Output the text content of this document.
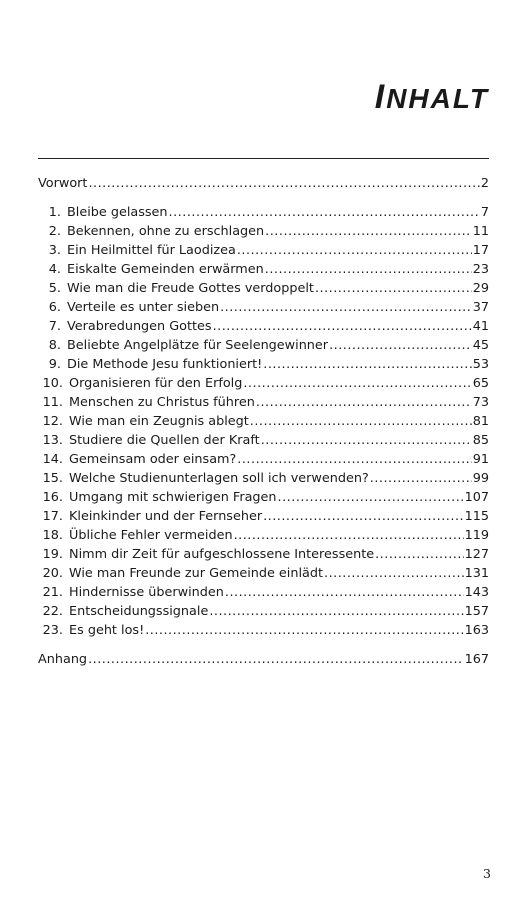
INHALT
Vorwort .....	2
1. Bleibe gelassen .....	7
2. Bekennen, ohne zu erschlagen .....	11
3. Ein Heilmittel für Laodizea .....	17
4. Eiskalte Gemeinden erwärmen .....	23
5. Wie man die Freude Gottes verdoppelt .....	29
6. Verteile es unter sieben .....	37
7. Verabredungen Gottes .....	41
8. Beliebte Angelplätze für Seelengewinner .....	45
9. Die Methode Jesu funktioniert! .....	53
10. Organisieren für den Erfolg .....	65
11. Menschen zu Christus führen .....	73
12. Wie man ein Zeugnis ablegt .....	81
13. Studiere die Quellen der Kraft .....	85
14. Gemeinsam oder einsam? .....	91
15. Welche Studienunterlagen soll ich verwenden? .....	99
16. Umgang mit schwierigen Fragen .....	107
17. Kleinkinder und der Fernseher .....	115
18. Übliche Fehler vermeiden .....	119
19. Nimm dir Zeit für aufgeschlossene Interessente .....	127
20. Wie man Freunde zur Gemeinde einlädt .....	131
21. Hindernisse überwinden .....	143
22. Entscheidungssignale .....	157
23. Es geht los! .....	163
Anhang .....	167
3
